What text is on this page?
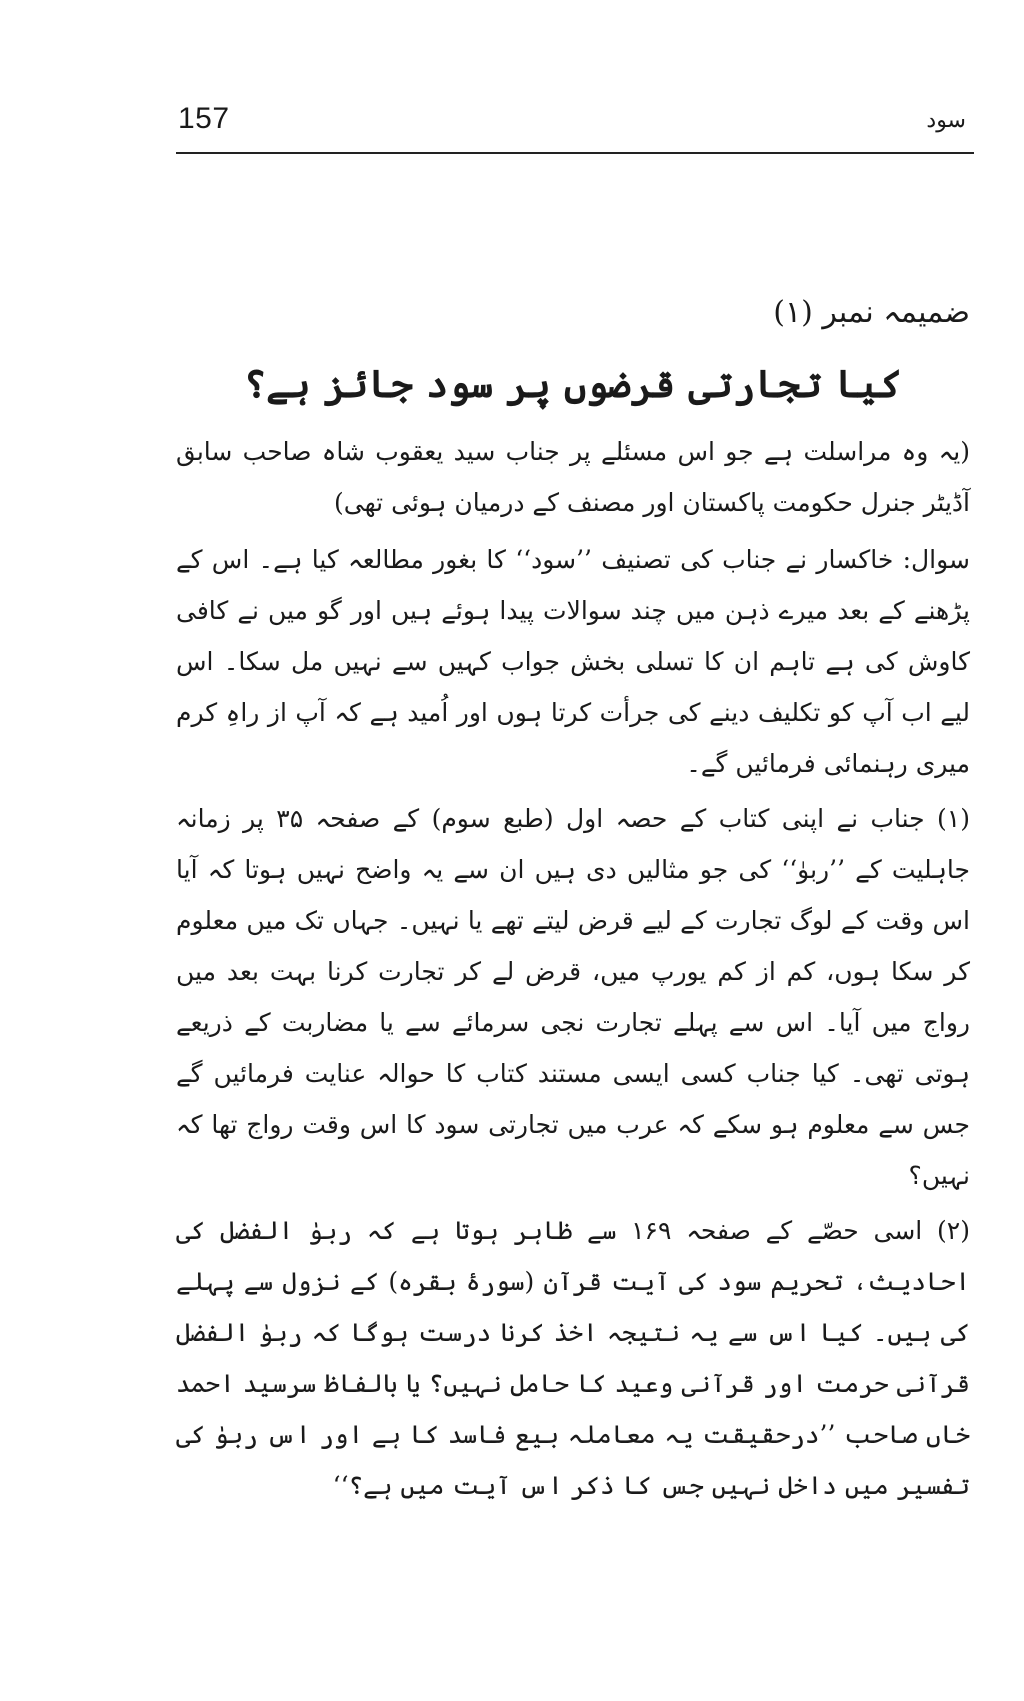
157	سود
ضمیمہ نمبر (۱)
کیا تجارتی قرضوں پر سود جائز ہے؟

(یہ وہ مراسلت ہے جو اس مسئلے پر جناب سید یعقوب شاہ صاحب سابق آڈیٹر جنرل حکومت پاکستان اور مصنف کے درمیان ہوئی تھی)

سوال: خاکسار نے جناب کی تصنیف ’’سود‘‘ کا بغور مطالعہ کیا ہے۔ اس کے پڑھنے کے بعد میرے ذہن میں چند سوالات پیدا ہوئے ہیں اور گو میں نے کافی کاوش کی ہے تاہم ان کا تسلی بخش جواب کہیں سے نہیں مل سکا۔ اس لیے اب آپ کو تکلیف دینے کی جرأت کرتا ہوں اور اُمید ہے کہ آپ از راہِ کرم میری رہنمائی فرمائیں گے۔

(۱) جناب نے اپنی کتاب کے حصہ اول (طبع سوم) کے صفحہ ۳۵ پر زمانہ جاہلیت کے ’’ربوٰ‘‘ کی جو مثالیں دی ہیں ان سے یہ واضح نہیں ہوتا کہ آیا اس وقت کے لوگ تجارت کے لیے قرض لیتے تھے یا نہیں۔ جہاں تک میں معلوم کر سکا ہوں، کم از کم یورپ میں، قرض لے کر تجارت کرنا بہت بعد میں رواج میں آیا۔ اس سے پہلے تجارت نجی سرمائے سے یا مضاربت کے ذریعے ہوتی تھی۔ کیا جناب کسی ایسی مستند کتاب کا حوالہ عنایت فرمائیں گے جس سے معلوم ہو سکے کہ عرب میں تجارتی سود کا اس وقت رواج تھا کہ نہیں؟

(۲) اسی حصّے کے صفحہ ۱۶۹ سے ظاہر ہوتا ہے کہ ربوٰ الفضل کی احادیث، تحریم سود کی آیت قرآن (سورۂ بقرہ) کے نزول سے پہلے کی ہیں۔ کیا اس سے یہ نتیجہ اخذ کرنا درست ہوگا کہ ربوٰ الفضل قرآنی حرمت اور قرآنی وعید کا حامل نہیں؟ یا بالفاظ سرسید احمد خاں صاحب ’’درحقیقت یہ معاملہ بیع فاسد کا ہے اور اس ربوٰ کی تفسیر میں داخل نہیں جس کا ذکر اس آیت میں ہے؟‘‘
